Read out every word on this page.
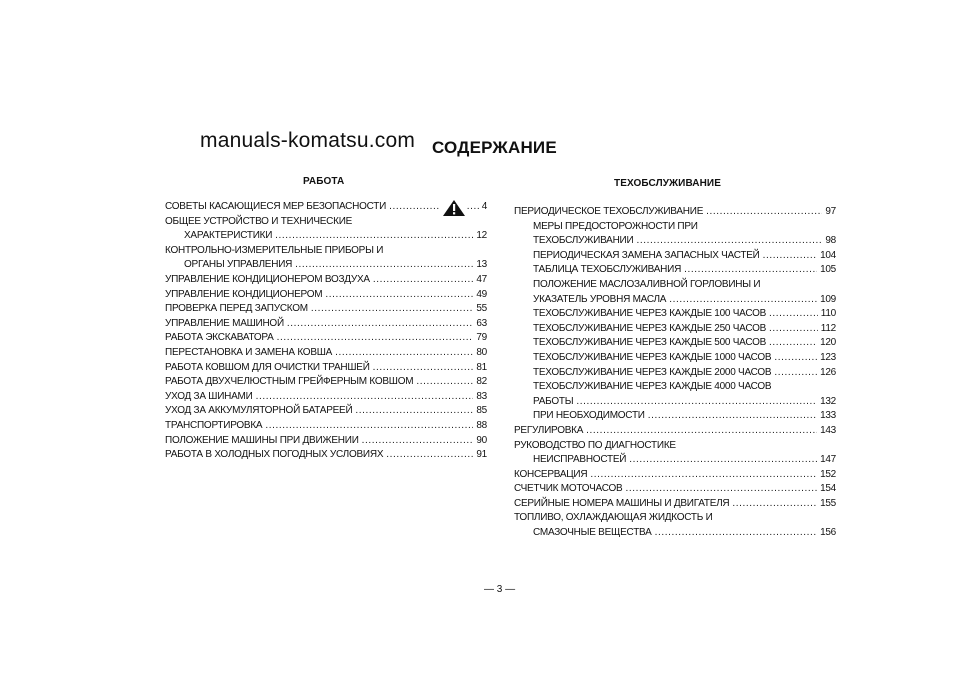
manuals-komatsu.com СОДЕРЖАНИЕ
РАБОТА	ТЕХОБСЛУЖИВАНИЕ
СОВЕТЫ КАСАЮЩИЕСЯ МЕР БЕЗОПАСНОСТИ ..... .....	4
ОБЩЕЕ УСТРОЙСТВО И ТЕХНИЧЕСКИЕ
ХАРАКТЕРИСТИКИ .....	12
КОНТРОЛЬНО-ИЗМЕРИТЕЛЬНЫЕ ПРИБОРЫ И
ОРГАНЫ УПРАВЛЕНИЯ .....	13
УПРАВЛЕНИЕ КОНДИЦИОНЕРОМ ВОЗДУХА .....	47
УПРАВЛЕНИЕ КОНДИЦИОНЕРОМ .....	49
ПРОВЕРКА ПЕРЕД ЗАПУСКОМ .....	55
УПРАВЛЕНИЕ МАШИНОЙ .....	63
РАБОТА ЭКСКАВАТОРА .....	79
ПЕРЕСТАНОВКА И ЗАМЕНА КОВША .....	80
РАБОТА КОВШОМ ДЛЯ ОЧИСТКИ ТРАНШЕЙ .....	81
РАБОТА ДВУХЧЕЛЮСТНЫМ ГРЕЙФЕРНЫМ КОВШОМ .....	82
УХОД ЗА ШИНАМИ .....	83
УХОД ЗА АККУМУЛЯТОРНОЙ БАТАРЕЕЙ .....	85
ТРАНСПОРТИРОВКА .....	88
ПОЛОЖЕНИЕ МАШИНЫ ПРИ ДВИЖЕНИИ .....	90
РАБОТА В ХОЛОДНЫХ ПОГОДНЫХ УСЛОВИЯХ .....	91
ПЕРИОДИЧЕСКОЕ ТЕХОБСЛУЖИВАНИЕ .....	97
МЕРЫ ПРЕДОСТОРОЖНОСТИ ПРИ
ТЕХОБСЛУЖИВАНИИ .....	98
ПЕРИОДИЧЕСКАЯ ЗАМЕНА ЗАПАСНЫХ ЧАСТЕЙ .....	104
ТАБЛИЦА ТЕХОБСЛУЖИВАНИЯ .....	105
ПОЛОЖЕНИЕ МАСЛОЗАЛИВНОЙ ГОРЛОВИНЫ И
УКАЗАТЕЛЬ УРОВНЯ МАСЛА .....	109
ТЕХОБСЛУЖИВАНИЕ ЧЕРЕЗ КАЖДЫЕ 100 ЧАСОВ .....	110
ТЕХОБСЛУЖИВАНИЕ ЧЕРЕЗ КАЖДЫЕ 250 ЧАСОВ .....	112
ТЕХОБСЛУЖИВАНИЕ ЧЕРЕЗ КАЖДЫЕ 500 ЧАСОВ .....	120
ТЕХОБСЛУЖИВАНИЕ ЧЕРЕЗ КАЖДЫЕ 1000 ЧАСОВ .....	123
ТЕХОБСЛУЖИВАНИЕ ЧЕРЕЗ КАЖДЫЕ 2000 ЧАСОВ .....	126
ТЕХОБСЛУЖИВАНИЕ ЧЕРЕЗ КАЖДЫЕ 4000 ЧАСОВ
РАБОТЫ .....	132
ПРИ НЕОБХОДИМОСТИ .....	133
РЕГУЛИРОВКА .....	143
РУКОВОДСТВО ПО ДИАГНОСТИКЕ
НЕИСПРАВНОСТЕЙ .....	147
КОНСЕРВАЦИЯ .....	152
СЧЕТЧИК МОТОЧАСОВ .....	154
СЕРИЙНЫЕ НОМЕРА МАШИНЫ И ДВИГАТЕЛЯ .....	155
ТОПЛИВО, ОХЛАЖДАЮЩАЯ ЖИДКОСТЬ И
СМАЗОЧНЫЕ ВЕЩЕСТВА .....	156
— 3 —
